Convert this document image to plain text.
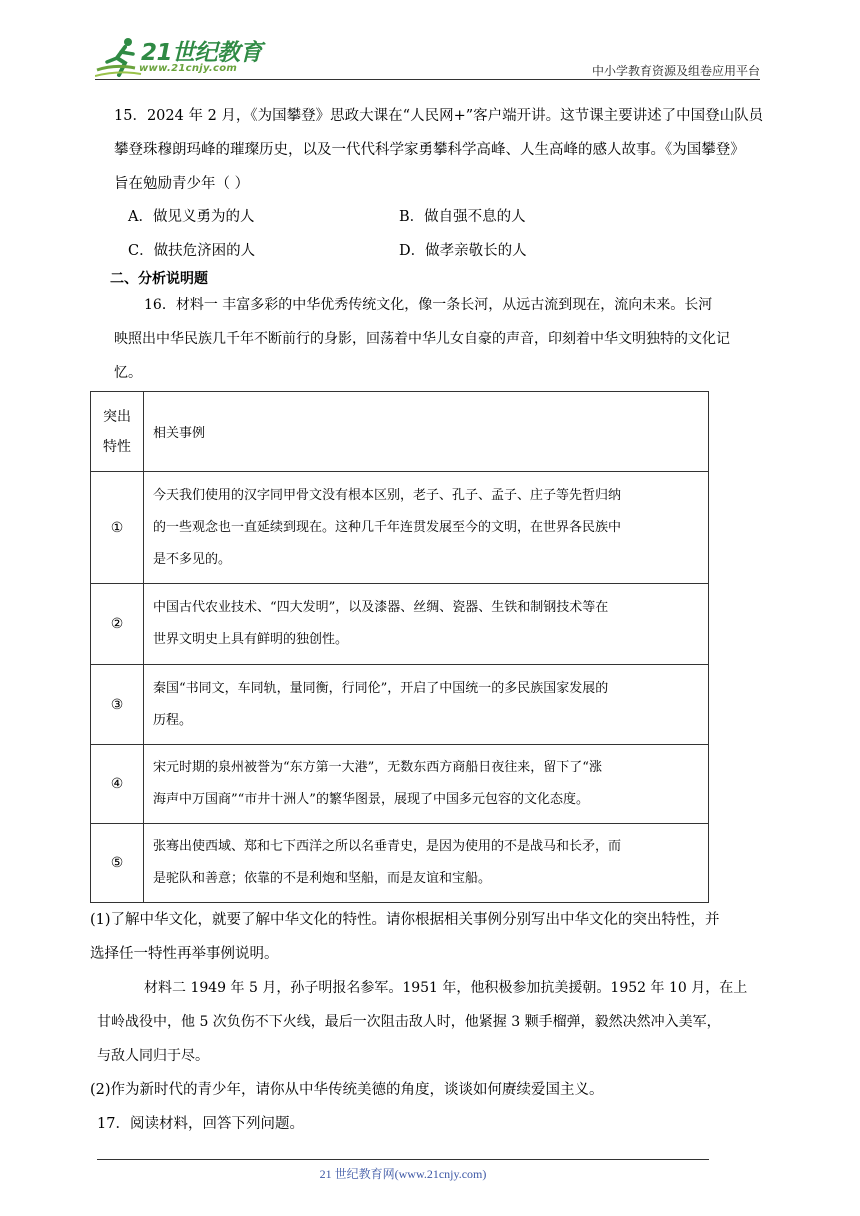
21世纪教育
www.21cnjy.com	中小学教育资源及组卷应用平台
15．2024 年 2 月，《为国攀登》思政大课在“人民网+”客户端开讲。这节课主要讲述了中国登山队员
攀登珠穆朗玛峰的璀璨历史，以及一代代科学家勇攀科学高峰、人生高峰的感人故事。《为国攀登》
旨在勉励青少年（ ）
A．做见义勇为的人	B．做自强不息的人
C．做扶危济困的人	D．做孝亲敬长的人
二、分析说明题
16．材料一 丰富多彩的中华优秀传统文化，像一条长河，从远古流到现在，流向未来。长河
映照出中华民族几千年不断前行的身影，回荡着中华儿女自豪的声音，印刻着中华文明独特的文化记
忆。
突出
特性	相关事例
①	今天我们使用的汉字同甲骨文没有根本区别，老子、孔子、孟子、庄子等先哲归纳
的一些观念也一直延续到现在。这种几千年连贯发展至今的文明，在世界各民族中
是不多见的。

②	中国古代农业技术、“四大发明”，以及漆器、丝绸、瓷器、生铁和制钢技术等在
世界文明史上具有鲜明的独创性。

③	秦国“书同文，车同轨，量同衡，行同伦”，开启了中国统一的多民族国家发展的
历程。

④	宋元时期的泉州被誉为“东方第一大港”，无数东西方商船日夜往来，留下了“涨
海声中万国商”“市井十洲人”的繁华图景，展现了中国多元包容的文化态度。

⑤	张骞出使西域、郑和七下西洋之所以名垂青史，是因为使用的不是战马和长矛，而
是驼队和善意；依靠的不是利炮和坚船，而是友谊和宝船。
(1)了解中华文化，就要了解中华文化的特性。请你根据相关事例分别写出中华文化的突出特性，并
选择任一特性再举事例说明。
材料二 1949 年 5 月，孙子明报名参军。1951 年，他积极参加抗美援朝。1952 年 10 月，在上
甘岭战役中，他 5 次负伤不下火线，最后一次阻击敌人时，他紧握 3 颗手榴弹，毅然决然冲入美军，
与敌人同归于尽。
(2)作为新时代的青少年，请你从中华传统美德的角度，谈谈如何赓续爱国主义。
17．阅读材料，回答下列问题。
21 世纪教育网(www.21cnjy.com)
